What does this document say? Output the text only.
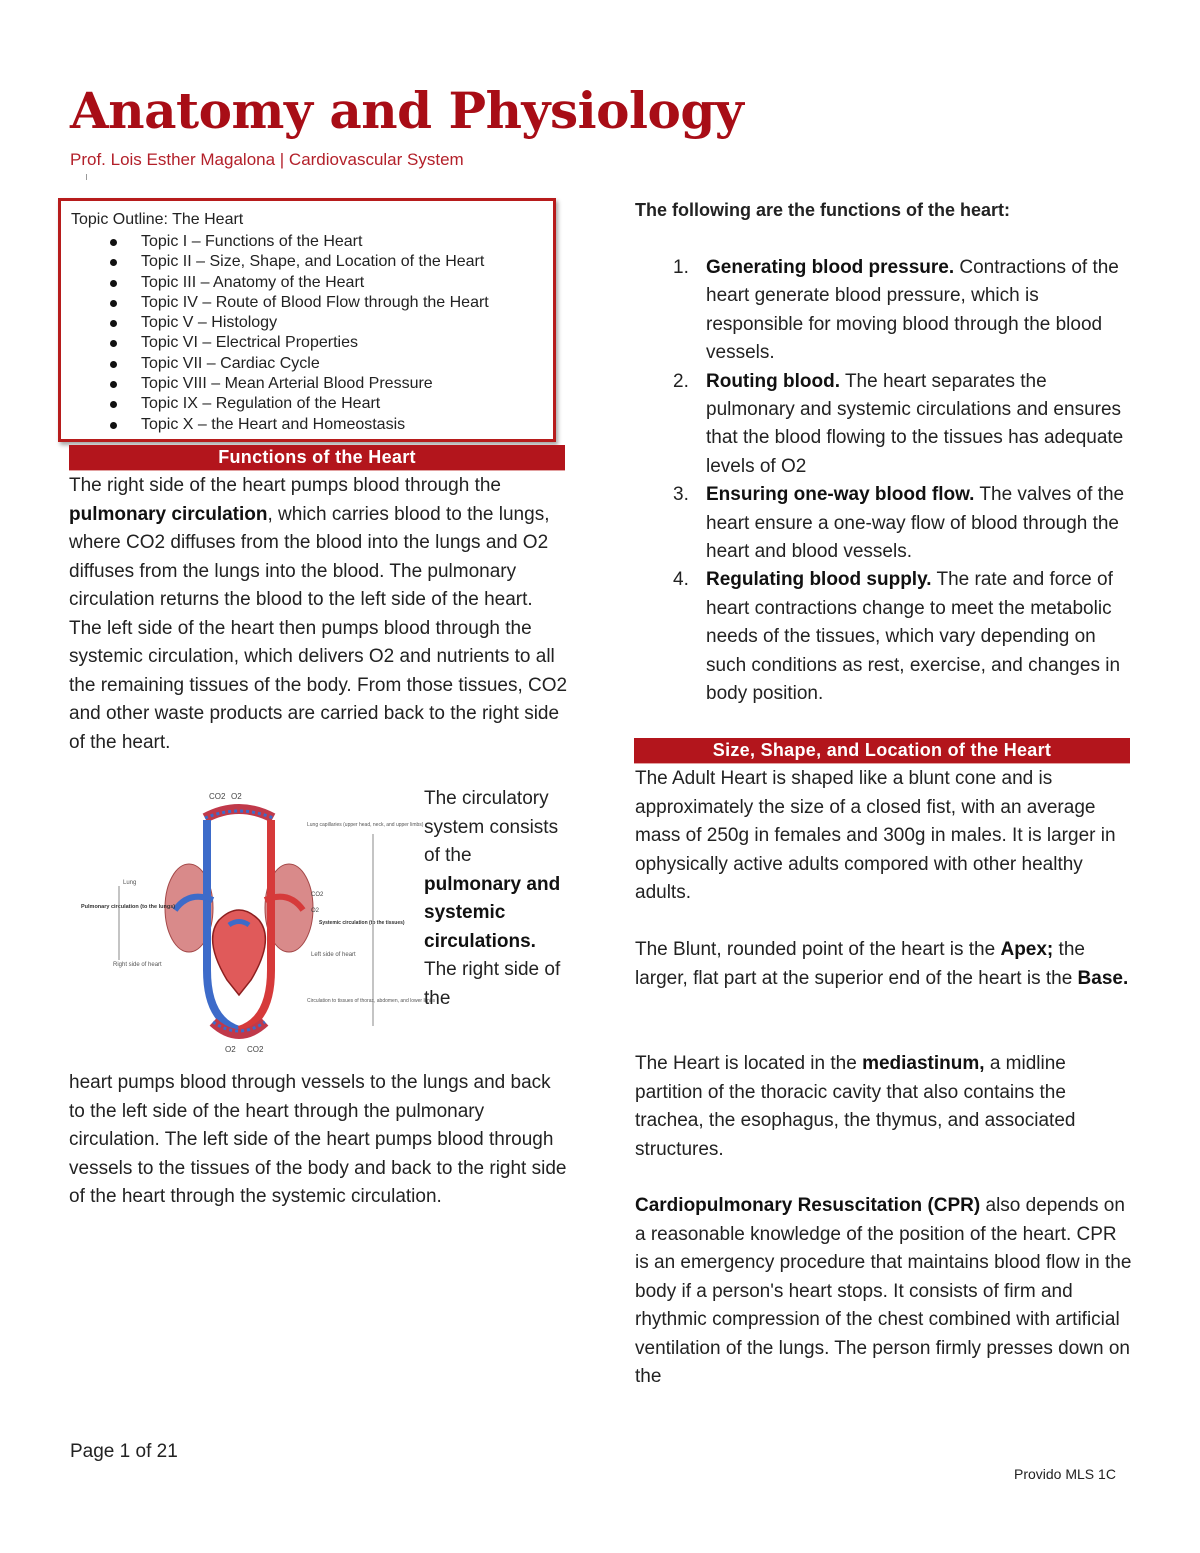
Anatomy and Physiology
Prof. Lois Esther Magalona | Cardiovascular System
Topic Outline: The Heart
Topic I – Functions of the Heart
Topic II – Size, Shape, and Location of the Heart
Topic III – Anatomy of the Heart
Topic IV – Route of Blood Flow through the Heart
Topic V – Histology
Topic VI – Electrical Properties
Topic VII – Cardiac Cycle
Topic VIII – Mean Arterial Blood Pressure
Topic IX – Regulation of the Heart
Topic X – the Heart and Homeostasis
Functions of the Heart

The right side of the heart pumps blood through the pulmonary circulation, which carries blood to the lungs, where CO2 diffuses from the blood into the lungs and O2 diffuses from the lungs into the blood. The pulmonary circulation returns the blood to the left side of the heart. The left side of the heart then pumps blood through the systemic circulation, which delivers O2 and nutrients to all the remaining tissues of the body. From those tissues, CO2 and other waste products are carried back to the right side of the heart.

CO2 O2
O2 CO2
Lung
Pulmonary circulation (to the lungs)
Right side of heart
Lung capillaries (upper head, neck, and upper limbs)
CO2
O2
Systemic circulation (to the tissues)
Left side of heart
Circulation to tissues of thorax, abdomen, and lower limbs

The circulatory system consists of the pulmonary and systemic circulations. The right side of the

heart pumps blood through vessels to the lungs and back to the left side of the heart through the pulmonary circulation. The left side of the heart pumps blood through vessels to the tissues of the body and back to the right side of the heart through the systemic circulation.

The following are the functions of the heart:
1. Generating blood pressure. Contractions of the heart generate blood pressure, which is responsible for moving blood through the blood vessels.
2. Routing blood. The heart separates the pulmonary and systemic circulations and ensures that the blood flowing to the tissues has adequate levels of O2
3. Ensuring one-way blood flow. The valves of the heart ensure a one-way flow of blood through the heart and blood vessels.
4. Regulating blood supply. The rate and force of heart contractions change to meet the metabolic needs of the tissues, which vary depending on such conditions as rest, exercise, and changes in body position.
Size, Shape, and Location of the Heart

The Adult Heart is shaped like a blunt cone and is approximately the size of a closed fist, with an average mass of 250g in females and 300g in males. It is larger in ophysically active adults compored with other healthy adults.

The Blunt, rounded point of the heart is the Apex; the larger, flat part at the superior end of the heart is the Base.

The Heart is located in the mediastinum, a midline partition of the thoracic cavity that also contains the trachea, the esophagus, the thymus, and associated structures.

Cardiopulmonary Resuscitation (CPR) also depends on a reasonable knowledge of the position of the heart. CPR is an emergency procedure that maintains blood flow in the body if a person's heart stops. It consists of firm and rhythmic compression of the chest combined with artificial ventilation of the lungs. The person firmly presses down on the

Page 1 of 21
Provido MLS 1C
